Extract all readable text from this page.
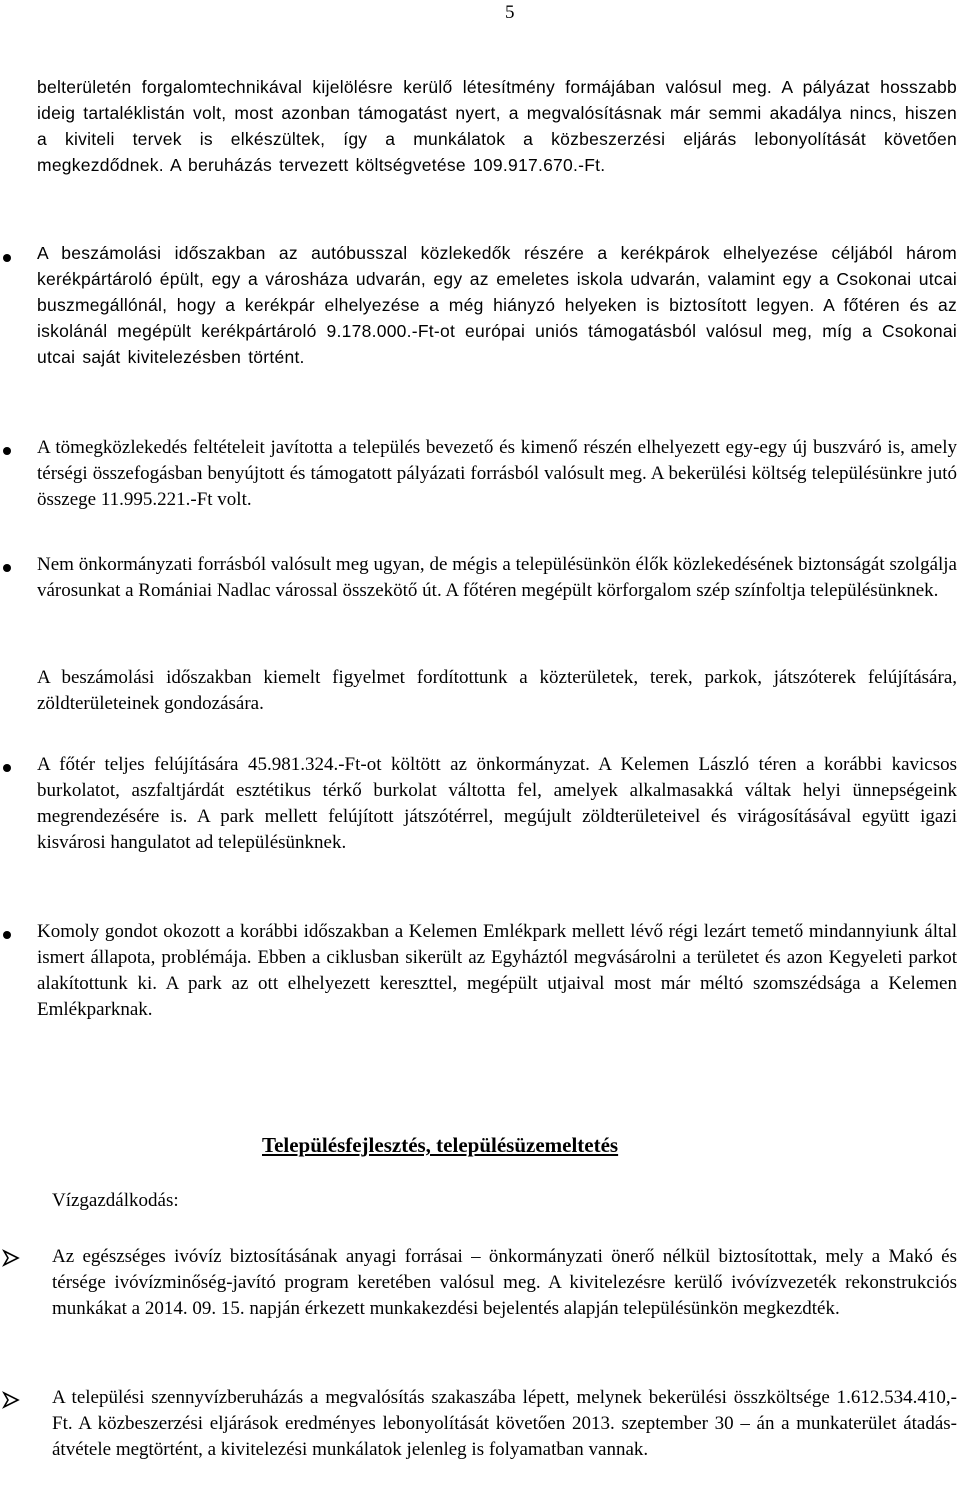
5

belterületén forgalomtechnikával kijelölésre kerülő létesítmény formájában valósul meg. A pályázat hosszabb ideig tartaléklistán volt, most azonban támogatást nyert, a megvalósításnak már semmi akadálya nincs, hiszen a kiviteli tervek is elkészültek, így a munkálatok a közbeszerzési eljárás lebonyolítását követően megkezdődnek. A beruházás tervezett költségvetése 109.917.670.-Ft.

A beszámolási időszakban az autóbusszal közlekedők részére a kerékpárok elhelyezése céljából három kerékpártároló épült, egy a városháza udvarán, egy az emeletes iskola udvarán, valamint egy a Csokonai utcai buszmegállónál, hogy a kerékpár elhelyezése a még hiányzó helyeken is biztosított legyen. A főtéren és az iskolánál megépült kerékpártároló 9.178.000.-Ft-ot európai uniós támogatásból valósul meg, míg a Csokonai utcai saját kivitelezésben történt.

A tömegközlekedés feltételeit javította a település bevezető és kimenő részén elhelyezett egy-egy új buszváró is, amely térségi összefogásban benyújtott és támogatott pályázati forrásból valósult meg. A bekerülési költség településünkre jutó összege 11.995.221.-Ft volt.

Nem önkormányzati forrásból valósult meg ugyan, de mégis a településünkön élők közlekedésének biztonságát szolgálja városunkat a Romániai Nadlac várossal összekötő út. A főtéren megépült körforgalom szép színfoltja településünknek.

A beszámolási időszakban kiemelt figyelmet fordítottunk a közterületek, terek, parkok, játszóterek felújítására, zöldterületeinek gondozására.

A főtér teljes felújítására 45.981.324.-Ft-ot költött az önkormányzat. A Kelemen László téren a korábbi kavicsos burkolatot, aszfaltjárdát esztétikus térkő burkolat váltotta fel, amelyek alkalmasakká váltak helyi ünnepségeink megrendezésére is. A park mellett felújított játszótérrel, megújult zöldterületeivel és virágosításával együtt igazi kisvárosi hangulatot ad településünknek.

Komoly gondot okozott a korábbi időszakban a Kelemen Emlékpark mellett lévő régi lezárt temető mindannyiunk által ismert állapota, problémája. Ebben a ciklusban sikerült az Egyháztól megvásárolni a területet és azon Kegyeleti parkot alakítottunk ki. A park az ott elhelyezett kereszttel, megépült utjaival most már méltó szomszédsága a Kelemen Emlékparknak.

Településfejlesztés, településüzemeltetés
Vízgazdálkodás:

Az egészséges ivóvíz biztosításának anyagi forrásai – önkormányzati önerő nélkül biztosítottak, mely a Makó és térsége ivóvízminőség-javító program keretében valósul meg. A kivitelezésre kerülő ivóvízvezeték rekonstrukciós munkákat a 2014. 09. 15. napján érkezett munkakezdési bejelentés alapján településünkön megkezdték.

A települési szennyvízberuházás a megvalósítás szakaszába lépett, melynek bekerülési összköltsége 1.612.534.410,- Ft. A közbeszerzési eljárások eredményes lebonyolítását követően 2013. szeptember 30 – án a munkaterület átadás-átvétele megtörtént, a kivitelezési munkálatok jelenleg is folyamatban vannak.
